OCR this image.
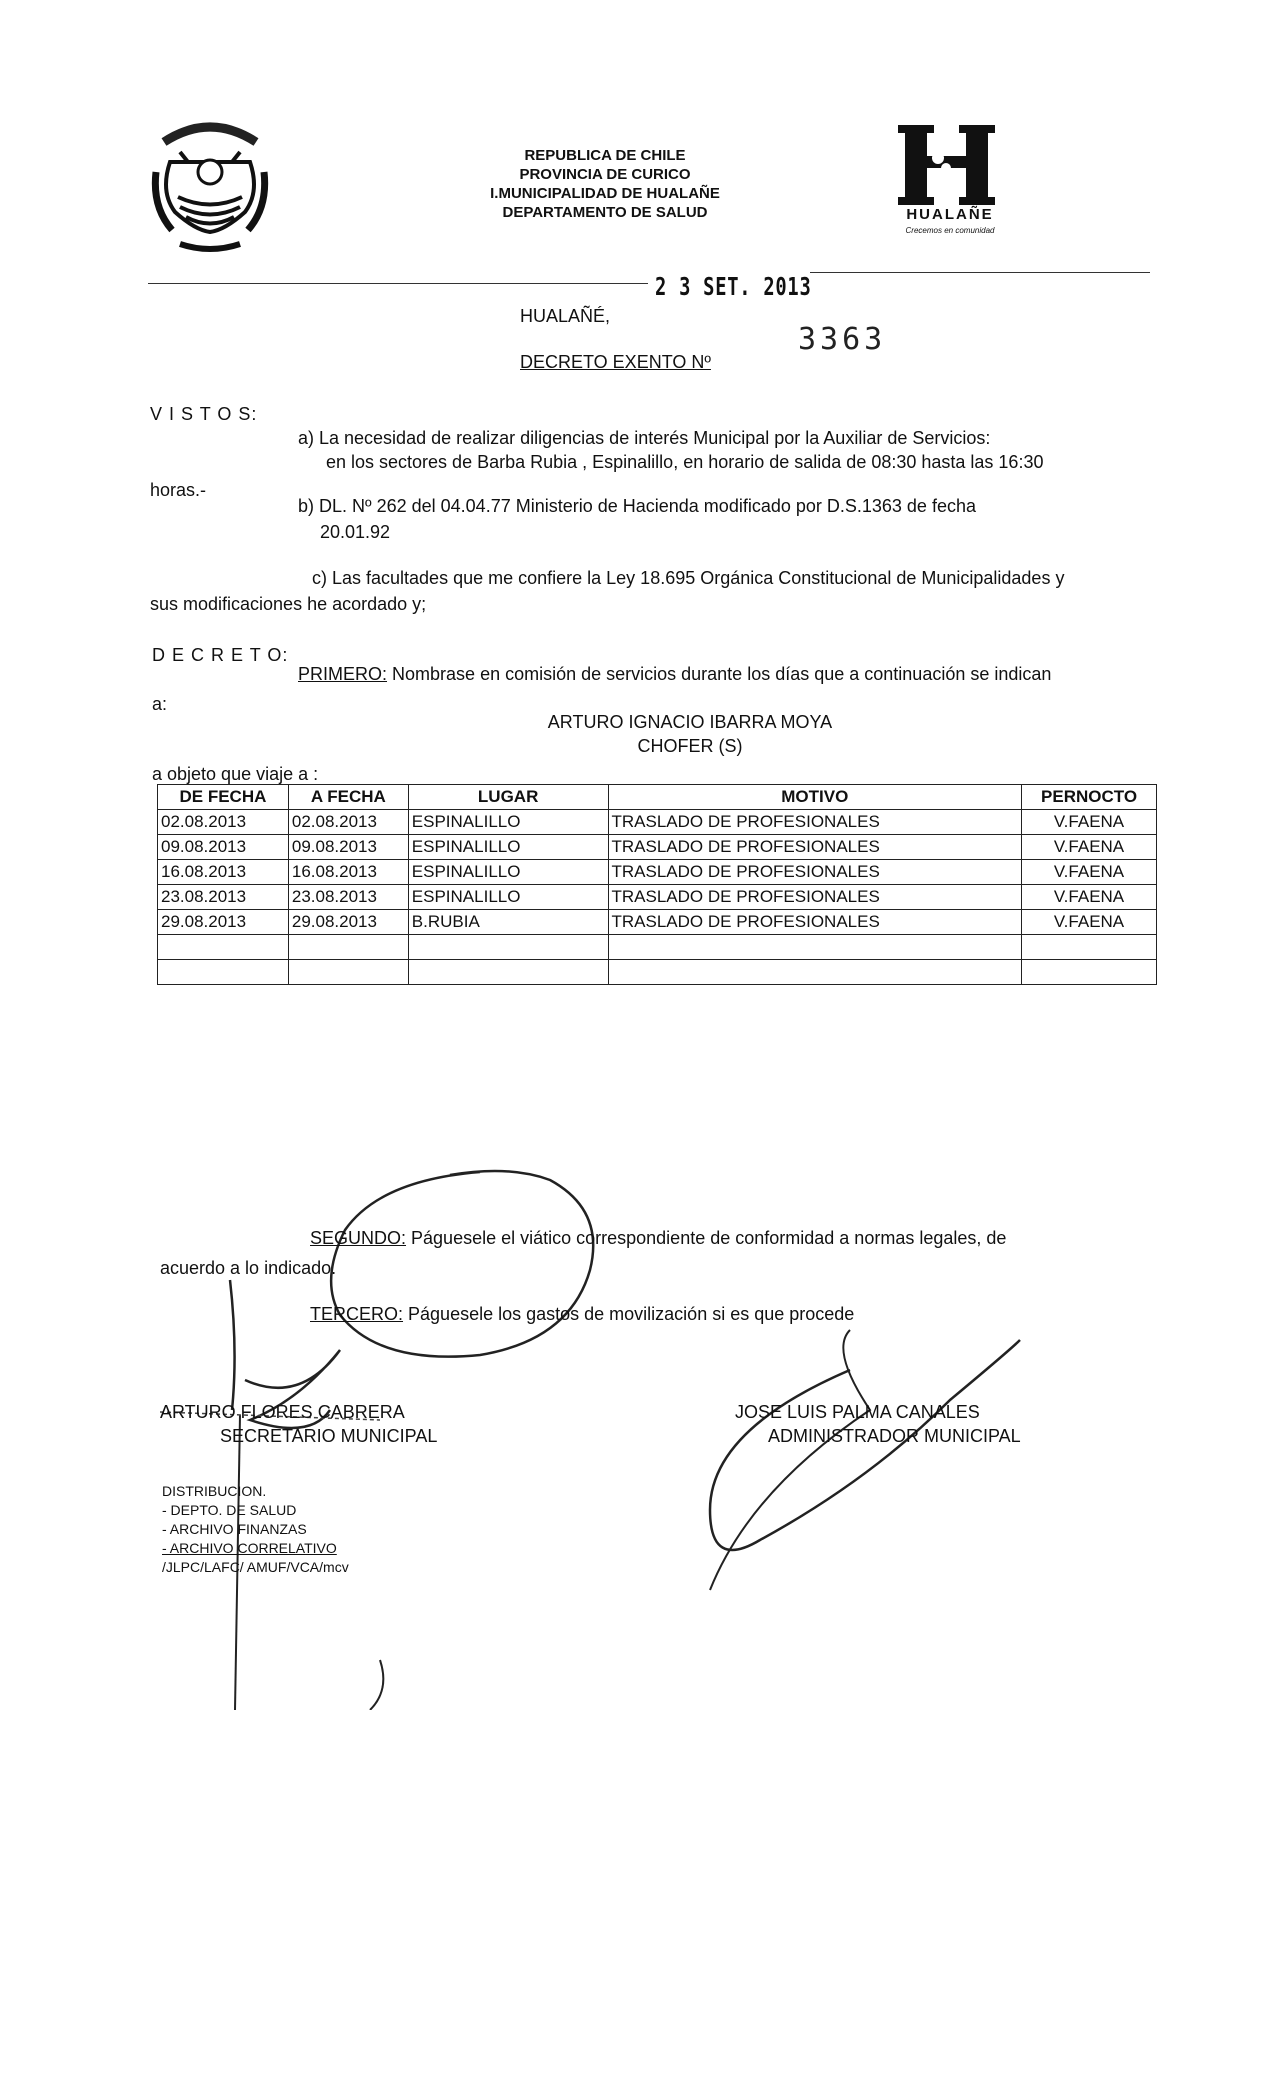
REPUBLICA DE CHILE
PROVINCIA DE CURICO
I.MUNICIPALIDAD DE HUALAÑE
DEPARTAMENTO DE SALUD	HUALAÑE
Crecemos en comunidad
2 3 SET. 2013
HUALAÑÉ,
DECRETO EXENTO Nº
3363
V I S T O S:
a) La necesidad de realizar diligencias de interés Municipal por la Auxiliar de Servicios:
en los sectores de Barba Rubia , Espinalillo, en horario de salida de 08:30 hasta las 16:30
horas.-
b) DL. Nº 262 del 04.04.77 Ministerio de Hacienda modificado por D.S.1363 de fecha
20.01.92
c) Las facultades que me confiere la Ley 18.695 Orgánica Constitucional de Municipalidades y
sus modificaciones he acordado y;
D E C R E T O:
PRIMERO: Nombrase en comisión de servicios durante los días que a continuación se indican
a:
ARTURO IGNACIO IBARRA MOYA
CHOFER (S)
a objeto que viaje a :
DE FECHA	A FECHA	LUGAR	MOTIVO	PERNOCTO
02.08.2013	02.08.2013	ESPINALILLO	TRASLADO DE PROFESIONALES	V.FAENA
09.08.2013	09.08.2013	ESPINALILLO	TRASLADO DE PROFESIONALES	V.FAENA
16.08.2013	16.08.2013	ESPINALILLO	TRASLADO DE PROFESIONALES	V.FAENA
23.08.2013	23.08.2013	ESPINALILLO	TRASLADO DE PROFESIONALES	V.FAENA
29.08.2013	29.08.2013	B.RUBIA	TRASLADO DE PROFESIONALES	V.FAENA

SEGUNDO: Páguesele el viático correspondiente de conformidad a normas legales, de
acuerdo a lo indicado.
TERCERO: Páguesele los gastos de movilización si es que procede
ARTURO FLORES CABRERA
SECRETARIO MUNICIPAL
JOSE LUIS PALMA CANALES
ADMINISTRADOR MUNICIPAL
DISTRIBUCION.
- DEPTO. DE SALUD
- ARCHIVO FINANZAS
- ARCHIVO CORRELATIVO
/JLPC/LAFC/ AMUF/VCA/mcv
